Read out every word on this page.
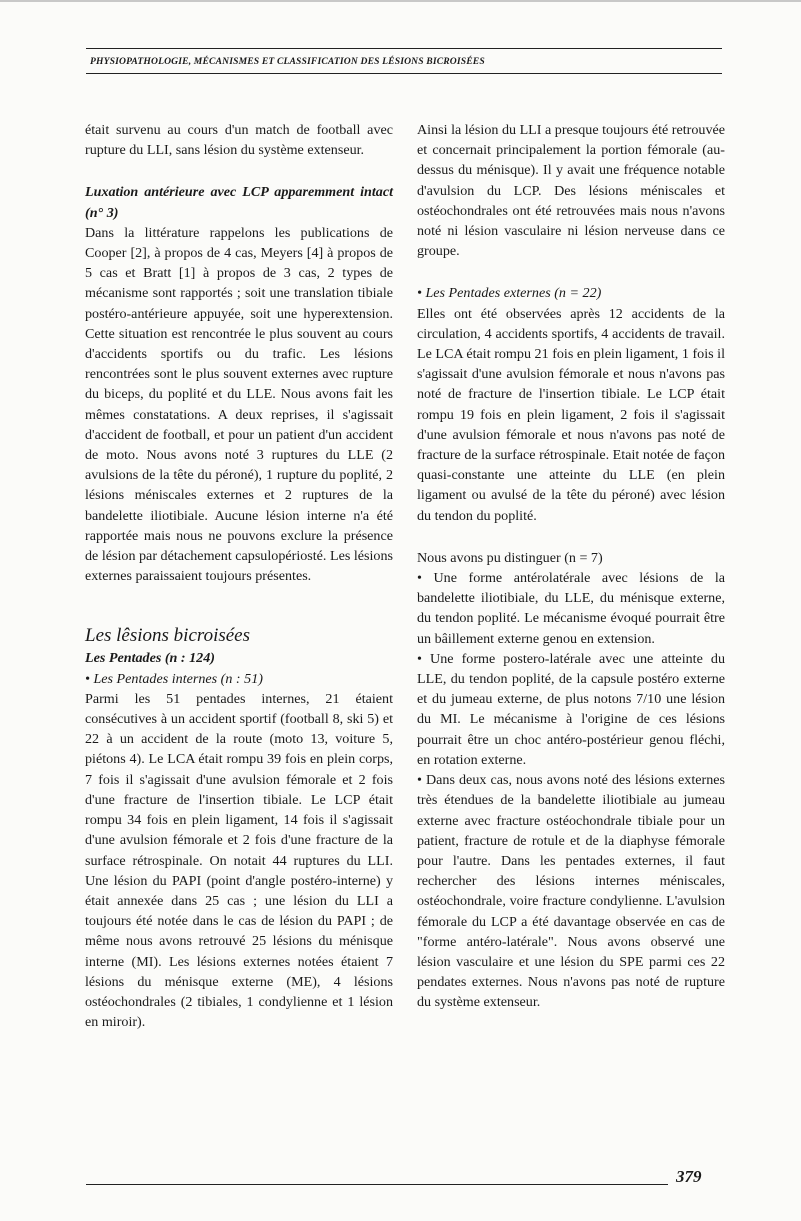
PHYSIOPATHOLOGIE, MÉCANISMES ET CLASSIFICATION DES LÉSIONS BICROISÉES

était survenu au cours d'un match de football avec rupture du LLI, sans lésion du système extenseur.

Luxation antérieure avec LCP apparemment intact (n° 3)

Dans la littérature rappelons les publications de Cooper [2], à propos de 4 cas, Meyers [4] à propos de 5 cas et Bratt [1] à propos de 3 cas, 2 types de mécanisme sont rapportés ; soit une translation tibiale postéro-antérieure appuyée, soit une hyperextension. Cette situation est rencontrée le plus souvent au cours d'accidents sportifs ou du trafic. Les lésions rencontrées sont le plus souvent externes avec rupture du biceps, du poplité et du LLE. Nous avons fait les mêmes constatations. A deux reprises, il s'agissait d'accident de football, et pour un patient d'un accident de moto. Nous avons noté 3 ruptures du LLE (2 avulsions de la tête du péroné), 1 rupture du poplité, 2 lésions méniscales externes et 2 ruptures de la bandelette iliotibiale. Aucune lésion interne n'a été rapportée mais nous ne pouvons exclure la présence de lésion par détachement capsulopériosté. Les lésions externes paraissaient toujours présentes.

Les lêsions bicroisées

Les Pentades (n : 124)

• Les Pentades internes (n : 51)

Parmi les 51 pentades internes, 21 étaient consécutives à un accident sportif (football 8, ski 5) et 22 à un accident de la route (moto 13, voiture 5, piétons 4). Le LCA était rompu 39 fois en plein corps, 7 fois il s'agissait d'une avulsion fémorale et 2 fois d'une fracture de l'insertion tibiale. Le LCP était rompu 34 fois en plein ligament, 14 fois il s'agissait d'une avulsion fémorale et 2 fois d'une fracture de la surface rétrospinale. On notait 44 ruptures du LLI. Une lésion du PAPI (point d'angle postéro-interne) y était annexée dans 25 cas ; une lésion du LLI a toujours été notée dans le cas de lésion du PAPI ; de même nous avons retrouvé 25 lésions du ménisque interne (MI). Les lésions externes notées étaient 7 lésions du ménisque externe (ME), 4 lésions ostéochondrales (2 tibiales, 1 condylienne et 1 lésion en miroir).

Ainsi la lésion du LLI a presque toujours été retrouvée et concernait principalement la portion fémorale (au-dessus du ménisque). Il y avait une fréquence notable d'avulsion du LCP. Des lésions méniscales et ostéochondrales ont été retrouvées mais nous n'avons noté ni lésion vasculaire ni lésion nerveuse dans ce groupe.

• Les Pentades externes (n = 22)

Elles ont été observées après 12 accidents de la circulation, 4 accidents sportifs, 4 accidents de travail. Le LCA était rompu 21 fois en plein ligament, 1 fois il s'agissait d'une avulsion fémorale et nous n'avons pas noté de fracture de l'insertion tibiale. Le LCP était rompu 19 fois en plein ligament, 2 fois il s'agissait d'une avulsion fémorale et nous n'avons pas noté de fracture de la surface rétrospinale. Etait notée de façon quasi-constante une atteinte du LLE (en plein ligament ou avulsé de la tête du péroné) avec lésion du tendon du poplité.

Nous avons pu distinguer (n = 7)

• Une forme antérolatérale avec lésions de la bandelette iliotibiale, du LLE, du ménisque externe, du tendon poplité. Le mécanisme évoqué pourrait être un bâillement externe genou en extension.

• Une forme postero-latérale avec une atteinte du LLE, du tendon poplité, de la capsule postéro externe et du jumeau externe, de plus notons 7/10 une lésion du MI. Le mécanisme à l'origine de ces lésions pourrait être un choc antéro-postérieur genou fléchi, en rotation externe.

• Dans deux cas, nous avons noté des lésions externes très étendues de la bandelette iliotibiale au jumeau externe avec fracture ostéochondrale tibiale pour un patient, fracture de rotule et de la diaphyse fémorale pour l'autre. Dans les pentades externes, il faut rechercher des lésions internes méniscales, ostéochondrale, voire fracture condylienne. L'avulsion fémorale du LCP a été davantage observée en cas de "forme antéro-latérale". Nous avons observé une lésion vasculaire et une lésion du SPE parmi ces 22 pendates externes. Nous n'avons pas noté de rupture du système extenseur.

379
